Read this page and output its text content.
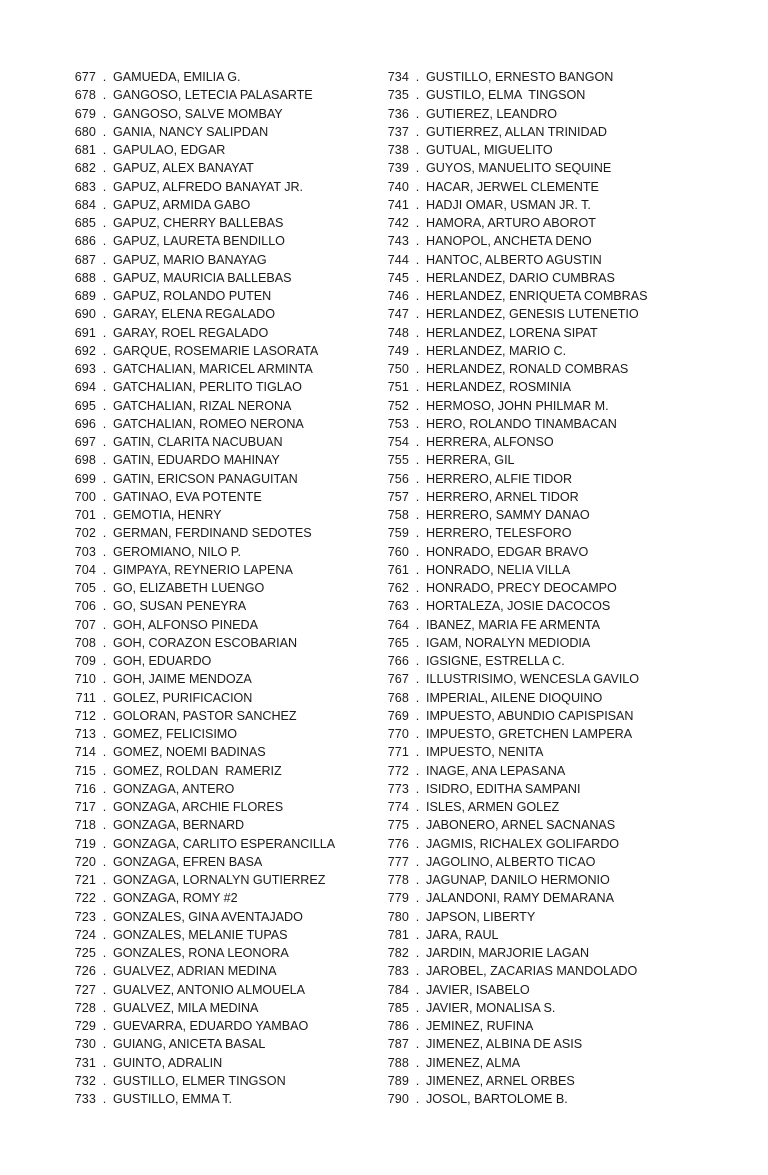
677 . GAMUEDA, EMILIA G.
678 . GANGOSO, LETECIA PALASARTE
679 . GANGOSO, SALVE MOMBAY
680 . GANIA, NANCY SALIPDAN
681 . GAPULAO, EDGAR
682 . GAPUZ, ALEX BANAYAT
683 . GAPUZ, ALFREDO BANAYAT JR.
684 . GAPUZ, ARMIDA GABO
685 . GAPUZ, CHERRY BALLEBAS
686 . GAPUZ, LAURETA BENDILLO
687 . GAPUZ, MARIO BANAYAG
688 . GAPUZ, MAURICIA BALLEBAS
689 . GAPUZ, ROLANDO PUTEN
690 . GARAY, ELENA REGALADO
691 . GARAY, ROEL REGALADO
692 . GARQUE, ROSEMARIE LASORATA
693 . GATCHALIAN, MARICEL ARMINTA
694 . GATCHALIAN, PERLITO TIGLAO
695 . GATCHALIAN, RIZAL NERONA
696 . GATCHALIAN, ROMEO NERONA
697 . GATIN, CLARITA NACUBUAN
698 . GATIN, EDUARDO MAHINAY
699 . GATIN, ERICSON PANAGUITAN
700 . GATINAO, EVA POTENTE
701 . GEMOTIA, HENRY
702 . GERMAN, FERDINAND SEDOTES
703 . GEROMIANO, NILO P.
704 . GIMPAYA, REYNERIO LAPENA
705 . GO, ELIZABETH LUENGO
706 . GO, SUSAN PENEYRA
707 . GOH, ALFONSO PINEDA
708 . GOH, CORAZON ESCOBARIAN
709 . GOH, EDUARDO
710 . GOH, JAIME MENDOZA
711 . GOLEZ, PURIFICACION
712 . GOLORAN, PASTOR SANCHEZ
713 . GOMEZ, FELICISIMO
714 . GOMEZ, NOEMI BADINAS
715 . GOMEZ, ROLDAN  RAMERIZ
716 . GONZAGA, ANTERO
717 . GONZAGA, ARCHIE FLORES
718 . GONZAGA, BERNARD
719 . GONZAGA, CARLITO ESPERANCILLA
720 . GONZAGA, EFREN BASA
721 . GONZAGA, LORNALYN GUTIERREZ
722 . GONZAGA, ROMY #2
723 . GONZALES, GINA AVENTAJADO
724 . GONZALES, MELANIE TUPAS
725 . GONZALES, RONA LEONORA
726 . GUALVEZ, ADRIAN MEDINA
727 . GUALVEZ, ANTONIO ALMOUELA
728 . GUALVEZ, MILA MEDINA
729 . GUEVARRA, EDUARDO YAMBAO
730 . GUIANG, ANICETA BASAL
731 . GUINTO, ADRALIN
732 . GUSTILLO, ELMER TINGSON
733 . GUSTILLO, EMMA T.
734 . GUSTILLO, ERNESTO BANGON
735 . GUSTILO, ELMA  TINGSON
736 . GUTIEREZ, LEANDRO
737 . GUTIERREZ, ALLAN TRINIDAD
738 . GUTUAL, MIGUELITO
739 . GUYOS, MANUELITO SEQUINE
740 . HACAR, JERWEL CLEMENTE
741 . HADJI OMAR, USMAN JR. T.
742 . HAMORA, ARTURO ABOROT
743 . HANOPOL, ANCHETA DENO
744 . HANTOC, ALBERTO AGUSTIN
745 . HERLANDEZ, DARIO CUMBRAS
746 . HERLANDEZ, ENRIQUETA COMBRAS
747 . HERLANDEZ, GENESIS LUTENETIO
748 . HERLANDEZ, LORENA SIPAT
749 . HERLANDEZ, MARIO C.
750 . HERLANDEZ, RONALD COMBRAS
751 . HERLANDEZ, ROSMINIA
752 . HERMOSO, JOHN PHILMAR M.
753 . HERO, ROLANDO TINAMBACAN
754 . HERRERA, ALFONSO
755 . HERRERA, GIL
756 . HERRERO, ALFIE TIDOR
757 . HERRERO, ARNEL TIDOR
758 . HERRERO, SAMMY DANAO
759 . HERRERO, TELESFORO
760 . HONRADO, EDGAR BRAVO
761 . HONRADO, NELIA VILLA
762 . HONRADO, PRECY DEOCAMPO
763 . HORTALEZA, JOSIE DACOCOS
764 . IBANEZ, MARIA FE ARMENTA
765 . IGAM, NORALYN MEDIODIA
766 . IGSIGNE, ESTRELLA C.
767 . ILLUSTRISIMO, WENCESLA GAVILO
768 . IMPERIAL, AILENE DIOQUINO
769 . IMPUESTO, ABUNDIO CAPISPISAN
770 . IMPUESTO, GRETCHEN LAMPERA
771 . IMPUESTO, NENITA
772 . INAGE, ANA LEPASANA
773 . ISIDRO, EDITHA SAMPANI
774 . ISLES, ARMEN GOLEZ
775 . JABONERO, ARNEL SACNANAS
776 . JAGMIS, RICHALEX GOLIFARDO
777 . JAGOLINO, ALBERTO TICAO
778 . JAGUNAP, DANILO HERMONIO
779 . JALANDONI, RAMY DEMARANA
780 . JAPSON, LIBERTY
781 . JARA, RAUL
782 . JARDIN, MARJORIE LAGAN
783 . JAROBEL, ZACARIAS MANDOLADO
784 . JAVIER, ISABELO
785 . JAVIER, MONALISA S.
786 . JEMINEZ, RUFINA
787 . JIMENEZ, ALBINA DE ASIS
788 . JIMENEZ, ALMA
789 . JIMENEZ, ARNEL ORBES
790 . JOSOL, BARTOLOME B.
